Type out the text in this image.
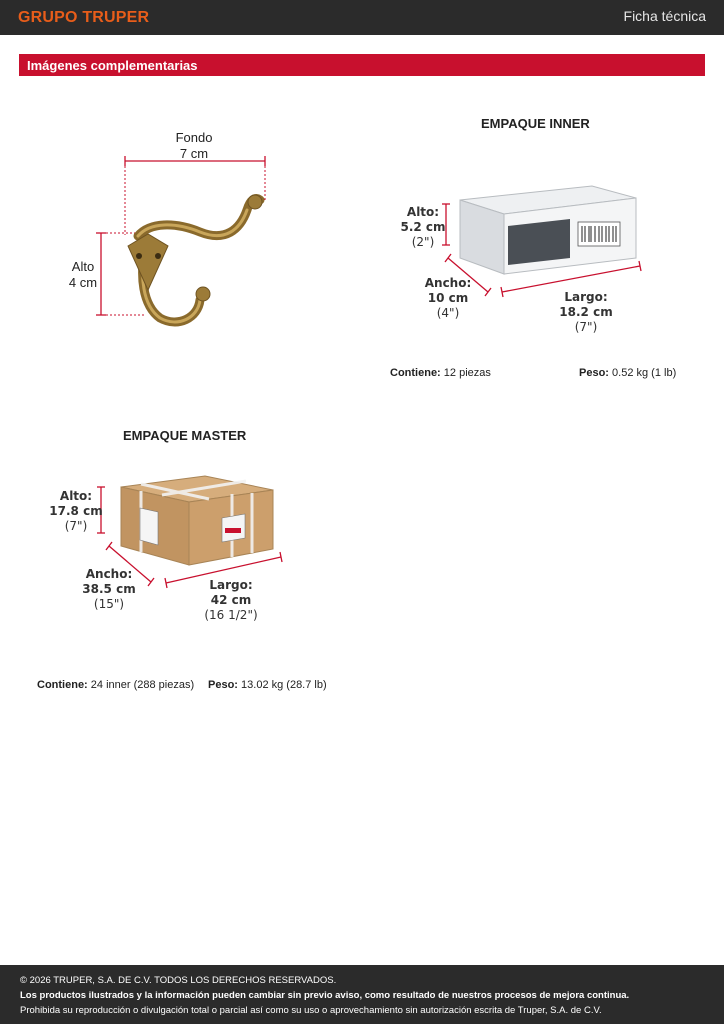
GRUPO TRUPER	Ficha técnica
Imágenes complementarias
Fondo
7 cm
Alto
4 cm
EMPAQUE INNER
Alto:
5.2 cm
(2")
Ancho:
10 cm
(4")
Largo:
18.2 cm
(7")
Contiene: 12 piezas	Peso: 0.52 kg (1 lb)
EMPAQUE MASTER
Alto:
17.8 cm
(7")
Ancho:
38.5 cm
(15")
Largo:
42 cm
(16 1/2")
Contiene: 24 inner (288 piezas) Peso: 13.02 kg (28.7 lb)
© 2026 TRUPER, S.A. DE C.V. TODOS LOS DERECHOS RESERVADOS.
Los productos ilustrados y la información pueden cambiar sin previo aviso, como resultado de nuestros procesos de mejora continua.
Prohibida su reproducción o divulgación total o parcial así como su uso o aprovechamiento sin autorización escrita de Truper, S.A. de C.V.
